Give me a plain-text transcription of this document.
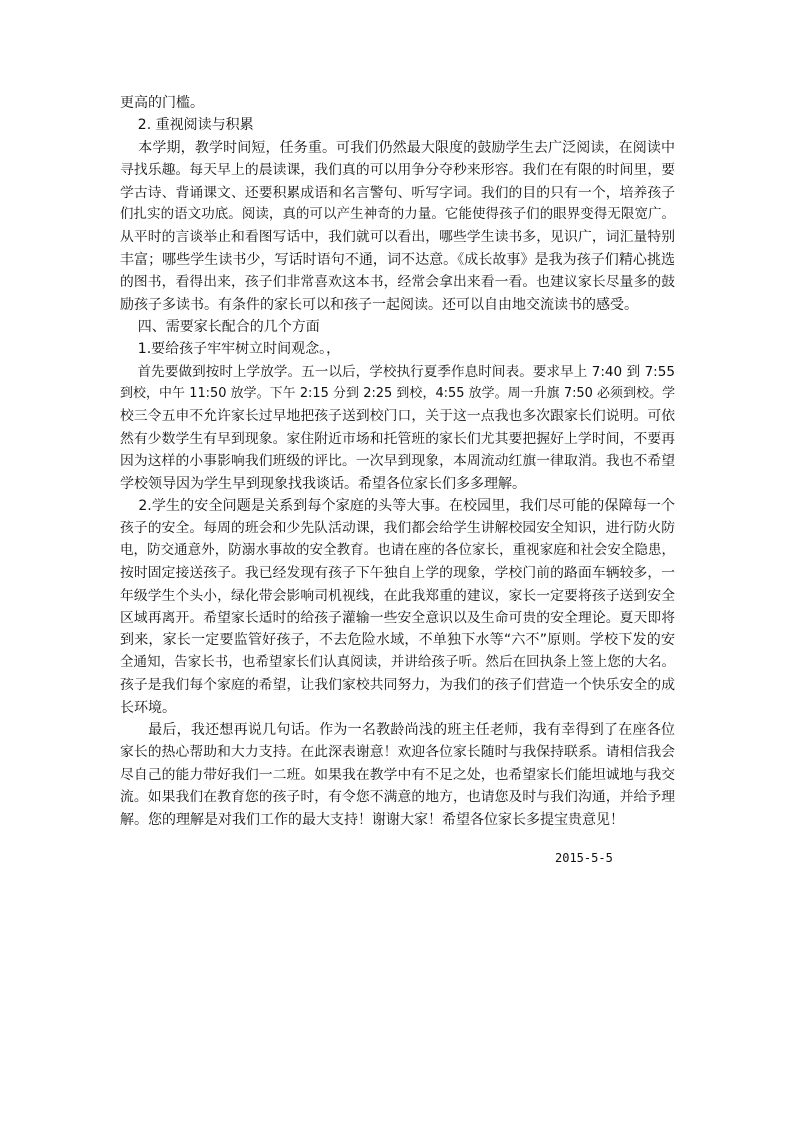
更高的门槛。
2. 重视阅读与积累
本学期，教学时间短，任务重。可我们仍然最大限度的鼓励学生去广泛阅读，在阅读中
寻找乐趣。每天早上的晨读课，我们真的可以用争分夺秒来形容。我们在有限的时间里，要
学古诗、背诵课文、还要积累成语和名言警句、听写字词。我们的目的只有一个，培养孩子
们扎实的语文功底。阅读，真的可以产生神奇的力量。它能使得孩子们的眼界变得无限宽广。
从平时的言谈举止和看图写话中，我们就可以看出，哪些学生读书多，见识广，词汇量特别
丰富；哪些学生读书少，写话时语句不通，词不达意。《成长故事》是我为孩子们精心挑选
的图书，看得出来，孩子们非常喜欢这本书，经常会拿出来看一看。也建议家长尽量多的鼓
励孩子多读书。有条件的家长可以和孩子一起阅读。还可以自由地交流读书的感受。
四、需要家长配合的几个方面
1.要给孩子牢牢树立时间观念。，
首先要做到按时上学放学。五一以后，学校执行夏季作息时间表。要求早上 7:40 到 7:55
到校，中午 11:50 放学。下午 2:15 分到 2:25 到校，4:55 放学。周一升旗 7:50 必须到校。学
校三令五申不允许家长过早地把孩子送到校门口，关于这一点我也多次跟家长们说明。可依
然有少数学生有早到现象。家住附近市场和托管班的家长们尤其要把握好上学时间，不要再
因为这样的小事影响我们班级的评比。一次早到现象，本周流动红旗一律取消。我也不希望
学校领导因为学生早到现象找我谈话。希望各位家长们多多理解。
2.学生的安全问题是关系到每个家庭的头等大事。在校园里，我们尽可能的保障每一个
孩子的安全。每周的班会和少先队活动课，我们都会给学生讲解校园安全知识，进行防火防
电，防交通意外，防溺水事故的安全教育。也请在座的各位家长，重视家庭和社会安全隐患，
按时固定接送孩子。我已经发现有孩子下午独自上学的现象，学校门前的路面车辆较多，一
年级学生个头小，绿化带会影响司机视线，在此我郑重的建议，家长一定要将孩子送到安全
区域再离开。希望家长适时的给孩子灌输一些安全意识以及生命可贵的安全理论。夏天即将
到来，家长一定要监管好孩子，不去危险水域，不单独下水等“六不”原则。学校下发的安
全通知，告家长书，也希望家长们认真阅读，并讲给孩子听。然后在回执条上签上您的大名。
孩子是我们每个家庭的希望，让我们家校共同努力，为我们的孩子们营造一个快乐安全的成
长环境。
最后，我还想再说几句话。作为一名教龄尚浅的班主任老师，我有幸得到了在座各位
家长的热心帮助和大力支持。在此深表谢意！欢迎各位家长随时与我保持联系。请相信我会
尽自己的能力带好我们一二班。如果我在教学中有不足之处，也希望家长们能坦诚地与我交
流。如果我们在教育您的孩子时，有令您不满意的地方，也请您及时与我们沟通，并给予理
解。您的理解是对我们工作的最大支持！谢谢大家！希望各位家长多提宝贵意见！
2015-5-5
